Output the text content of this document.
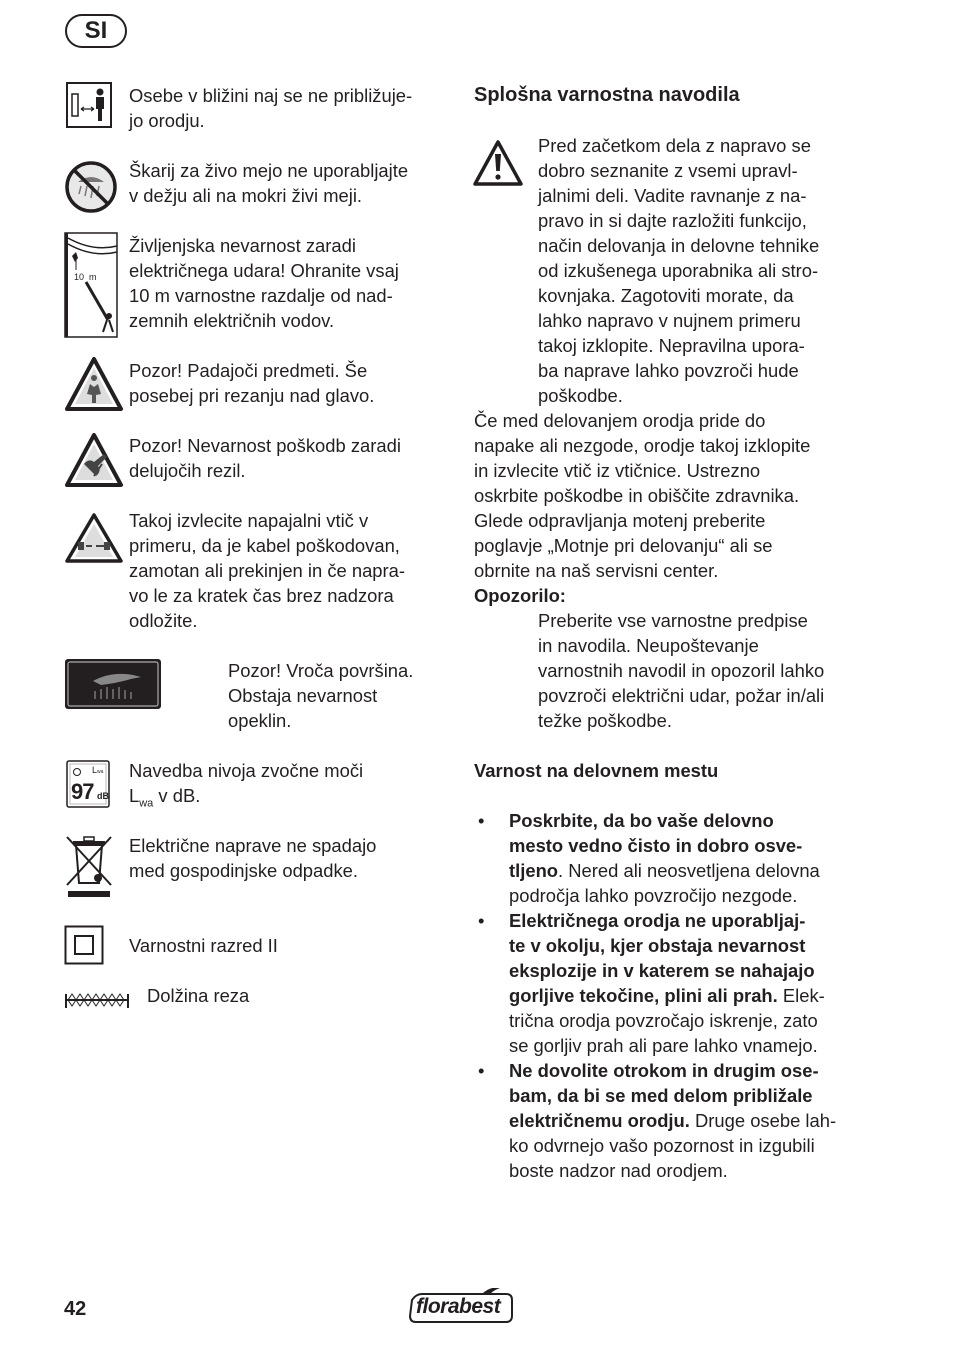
SI
10  m
L wa
97 dB
Osebe v bližini naj se ne približuje-
jo orodju.
Škarij za živo mejo ne uporabljajte
v dežju ali na mokri živi meji.
Življenjska nevarnost zaradi
električnega udara! Ohranite vsaj
10 m varnostne razdalje od nad-
zemnih električnih vodov.
Pozor! Padajoči predmeti. Še
posebej pri rezanju nad glavo.
Pozor! Nevarnost poškodb zaradi
delujočih rezil.
Takoj izvlecite napajalni vtič v
primeru, da je kabel poškodovan,
zamotan ali prekinjen in če napra-
vo le za kratek čas brez nadzora
odložite.
Pozor! Vroča površina.
Obstaja nevarnost
opeklin.
Navedba nivoja zvočne moči
$L_{wa}$ v dB.
Električne naprave ne spadajo
med gospodinjske odpadke.
Varnostni razred II
Dolžina reza
Splošna varnostna navodila
Pred začetkom dela z napravo se
dobro seznanite z vsemi upravl-
jalnimi deli. Vadite ravnanje z na-
pravo in si dajte razložiti funkcijo,
način delovanja in delovne tehnike
od izkušenega uporabnika ali stro-
kovnjaka. Zagotoviti morate, da
lahko napravo v nujnem primeru
takoj izklopite. Nepravilna upora-
ba naprave lahko povzroči hude
poškodbe.
Če med delovanjem orodja pride do
napake ali nezgode, orodje takoj izklopite
in izvlecite vtič iz vtičnice. Ustrezno
oskrbite poškodbe in obiščite zdravnika.
Glede odpravljanja motenj preberite
poglavje „Motnje pri delovanju“ ali se
obrnite na naš servisni center.
Opozorilo:
Preberite vse varnostne predpise
in navodila. Neupoštevanje
varnostnih navodil in opozoril lahko
povzroči električni udar, požar in/ali
težke poškodbe.
Varnost na delovnem mestu
• Poskrbite, da bo vaše delovno
mesto vedno čisto in dobro osve-
tljeno. Nered ali neosvetljena delovna
področja lahko povzročijo nezgode.
• Električnega orodja ne uporabljaj-
te v okolju, kjer obstaja nevarnost
eksplozije in v katerem se nahajajo
gorljive tekočine, plini ali prah. Elek-
trična orodja povzročajo iskrenje, zato
se gorljiv prah ali pare lahko vnamejo.
• Ne dovolite otrokom in drugim ose-
bam, da bi se med delom približale
električnemu orodju. Druge osebe lah-
ko odvrnejo vašo pozornost in izgubili
boste nadzor nad orodjem.
42	florabest
